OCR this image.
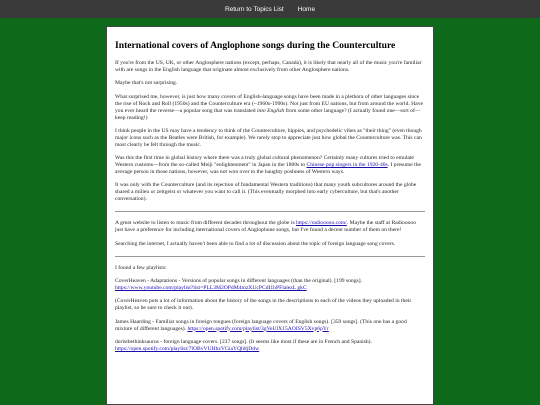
Return to Topics List Home
International covers of Anglophone songs during the Counterculture

If you're from the US, UK, or other Anglosphere nations (except, perhaps, Canada), it is likely that nearly all of the music you're familiar with are songs in the English language that originate almost exclusively from other Anglosphere nations.

Maybe that's not surprising.

What surprised me, however, is just how many covers of English-language songs have been made in a plethora of other languages since the rise of Rock and Roll (1950s) and the Counterculture era (~1960s-1990s). Not just from EU nations, but from around the world. Have you ever heard the reverse—a popular song that was translated into English from some other language? (I actually found one—sort of—keep reading!)

I think people in the US may have a tendency to think of the Counterculture, hippies, and psychedelic vibes as "their thing" (even though major icons such as the Beatles were British, for example). We rarely stop to appreciate just how global the Counterculture was. This can most clearly be felt through the music.

Was this the first time in global history where there was a truly global cultural phenomenon? Certainly many cultures tried to emulate Western customs—from the so-called Meiji "enlightenment" in Japan in the 1800s to Chinese pop singers in the 1920-40s. I presume the average person in those nations, however, was not won over to the haughty poshness of Western ways.

It was only with the Counterculture (and its rejection of fundamental Western traditions) that many youth subcultures around the globe shared a milieu or zeitgeist or whatever you want to call it. (This eventually morphed into early cyberculture, but that's another conversation).

A great website to listen to music from different decades throughout the globe is https://radiooooo.com/. Maybe the staff at Radiooooo just have a preference for including international covers of Anglophone songs, but I've found a decent number of them on there!

Searching the internet, I actually haven't been able to find a lot of discussion about the topic of foreign language song covers.

I found a few playlists:

CoverHeaven - Adaptations - Versions of popular songs in different languages (than the original). [199 songs]. https://www.youtube.com/playlist?list=PLL3M2OPdM4mzXUcPCdI1hPFlalezL gkC

(CoverHeaven puts a lot of information about the history of the songs in the descriptions to each of the videos they uploaded in their playlist, so be sure to check it out).

James Haarding - Familiar songs in foreign tongues (foreign language covers of English songs). [359 songs]. (This one has a good mixture of different languages). https://open.spotify.com/playlist/3gVeUlX15AOISV5Xvp6pYr

doristhethinksaurus - foreign language covers. [237 songs]. (It seems like most if these are in French and Spanish). https://open.spotify.com/playlist/7lOBvVUHhzVGiaYQh8jDdw
